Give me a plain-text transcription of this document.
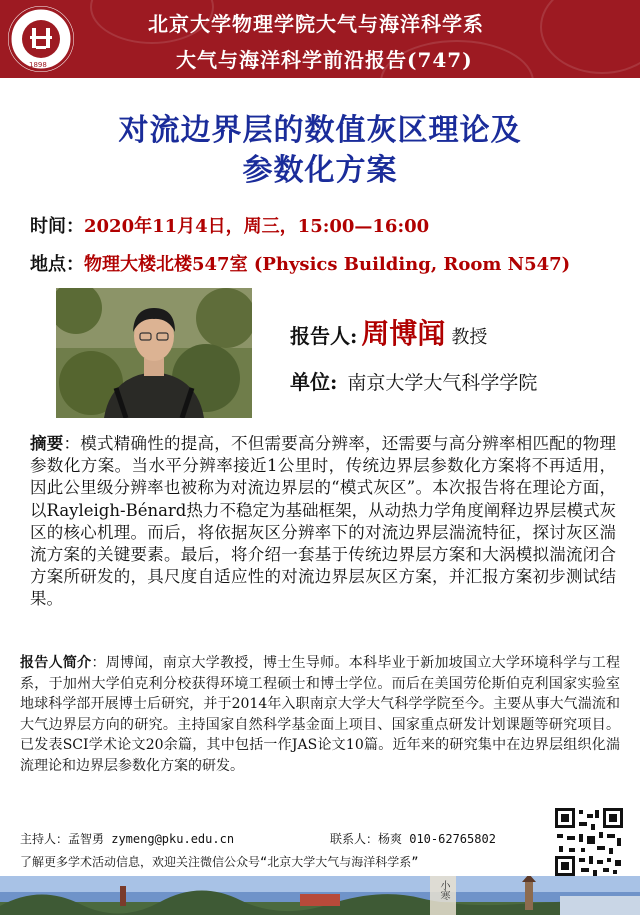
1898
北京大学物理学院大气与海洋科学系
大气与海洋科学前沿报告(747)
对流边界层的数值灰区理论及
参数化方案
时间：2020年11月4日，周三，15:00—16:00
地点：物理大楼北楼547室 (Physics Building, Room N547)
报告人: 周博闻 教授
单位: 南京大学大气科学学院
摘要：模式精确性的提高，不但需要高分辨率，还需要与高分辨率相匹配的物理参数化方案。当水平分辨率接近1公里时，传统边界层参数化方案将不再适用，因此公里级分辨率也被称为对流边界层的“模式灰区”。本次报告将在理论方面，以Rayleigh-Bénard热力不稳定为基础框架，从动热力学角度阐释边界层模式灰区的核心机理。而后，将依据灰区分辨率下的对流边界层湍流特征，探讨灰区湍流方案的关键要素。最后，将介绍一套基于传统边界层方案和大涡模拟湍流闭合方案所研发的，具尺度自适应性的对流边界层灰区方案，并汇报方案初步测试结果。
报告人简介：周博闻，南京大学教授，博士生导师。本科毕业于新加坡国立大学环境科学与工程系，于加州大学伯克利分校获得环境工程硕士和博士学位。而后在美国劳伦斯伯克利国家实验室地球科学部开展博士后研究，并于2014年入职南京大学大气科学学院至今。主要从事大气湍流和大气边界层方向的研究。主持国家自然科学基金面上项目、国家重点研发计划课题等研究项目。已发表SCI学术论文20余篇，其中包括一作JAS论文10篇。近年来的研究集中在边界层组织化湍流理论和边界层参数化方案的研发。
主持人：孟智勇 zymeng@pku.edu.cn	联系人：杨爽 010-62765802
了解更多学术活动信息，欢迎关注微信公众号“北京大学大气与海洋科学系”
小寒
